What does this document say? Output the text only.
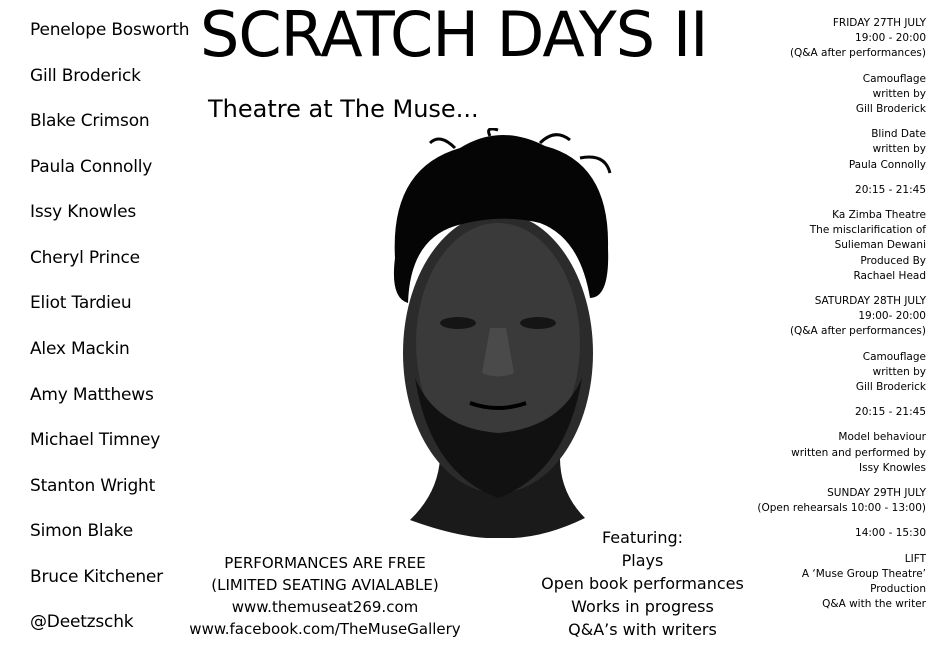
Penelope Bosworth
Gill Broderick
Blake Crimson
Paula Connolly
Issy Knowles
Cheryl Prince
Eliot Tardieu
Alex Mackin
Amy Matthews
Michael Timney
Stanton Wright
Simon Blake
Bruce Kitchener
@Deetzschk
SCRATCH DAYS II
Theatre at The Muse...
PERFORMANCES ARE FREE
(LIMITED SEATING AVIALABLE)
www.themuseat269.com
www.facebook.com/TheMuseGallery
Featuring:
Plays
Open book performances
Works in progress
Q&A’s with writers
FRIDAY 27TH JULY
19:00 - 20:00
(Q&A after performances)
Camouflage
written by
Gill Broderick
Blind Date
written by
Paula Connolly
20:15 - 21:45
Ka Zimba Theatre
The misclarification of
Sulieman Dewani
Produced By
Rachael Head
SATURDAY 28TH JULY
19:00- 20:00
(Q&A after performances)
Camouflage
written by
Gill Broderick
20:15 - 21:45
Model behaviour
written and performed by
Issy Knowles
SUNDAY 29TH JULY
(Open rehearsals 10:00 - 13:00)
14:00 - 15:30
LIFT
A ‘Muse Group Theatre’
Production
Q&A with the writer
